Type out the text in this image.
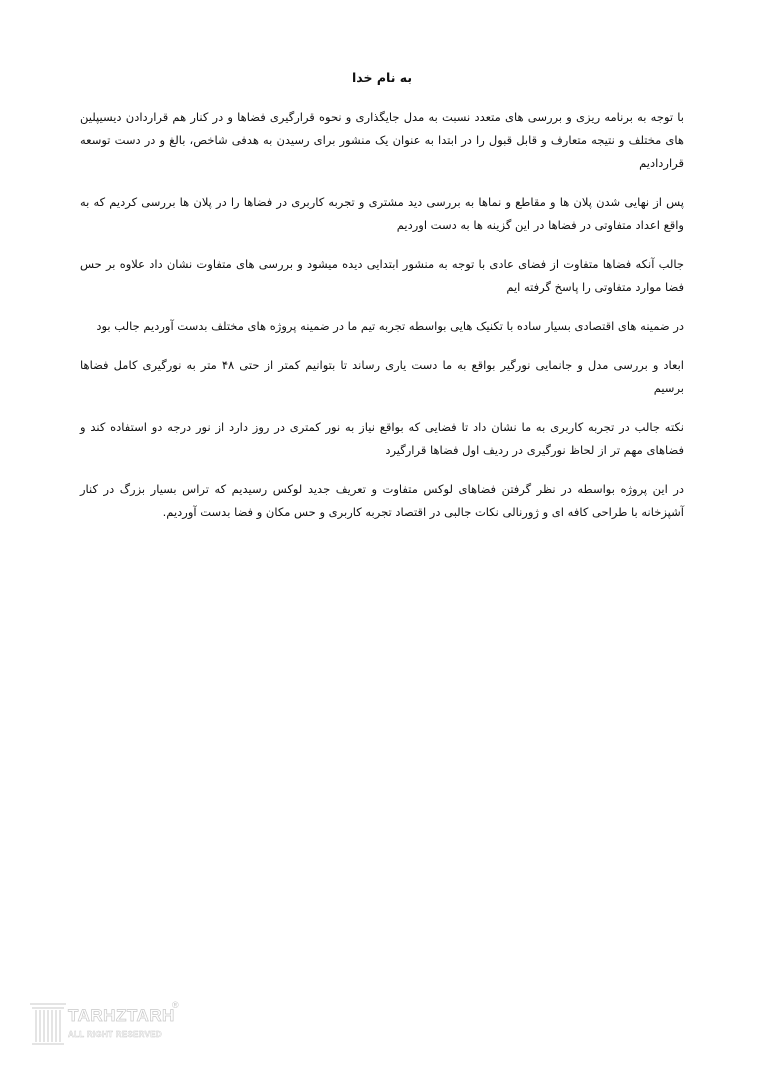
به نام خدا

با توجه به برنامه ریزی و بررسی های متعدد نسبت به مدل جایگذاری و نحوه قرارگیری فضاها و در کنار هم قراردادن دیسیپلین های مختلف و نتیجه متعارف و قابل قبول را در ابتدا به عنوان یک منشور برای رسیدن به هدفی شاخص، بالغ و در دست توسعه قراردادیم

پس از نهایی شدن پلان ها و مقاطع و نماها به بررسی دید مشتری و تجربه کاربری در فضاها را در پلان ها بررسی کردیم که به واقع اعداد متفاوتی در فضاها در این گزینه ها به دست اوردیم

جالب آنکه فضاها متفاوت از فضای عادی با توجه به منشور ابتدایی دیده میشود و بررسی های متفاوت نشان داد علاوه بر حس فضا موارد متفاوتی را پاسخ گرفته ایم

در ضمینه های اقتصادی بسیار ساده با تکنیک هایی بواسطه تجربه تیم ما در ضمینه پروژه های مختلف بدست آوردیم جالب بود

ابعاد و بررسی مدل و جانمایی نورگیر بواقع به ما دست یاری رساند تا بتوانیم کمتر از حتی ۴۸ متر به نورگیری کامل فضاها برسیم

نکته جالب در تجربه کاربری به ما نشان داد تا فضایی که بواقع نیاز به نور کمتری در روز دارد از نور درجه دو استفاده کند و فضاهای مهم تر از لحاظ نورگیری در ردیف اول فضاها قرارگیرد

در این پروژه بواسطه در نظر گرفتن فضاهای لوکس متفاوت و تعریف جدید لوکس رسیدیم که تراس بسیار بزرگ در کنار آشپزخانه با طراحی کافه ای و ژورنالی نکات جالبی در اقتصاد تجربه کاربری و حس مکان و فضا بدست آوردیم.

TARHZTARH
ALL RIGHT RESERVED
®
